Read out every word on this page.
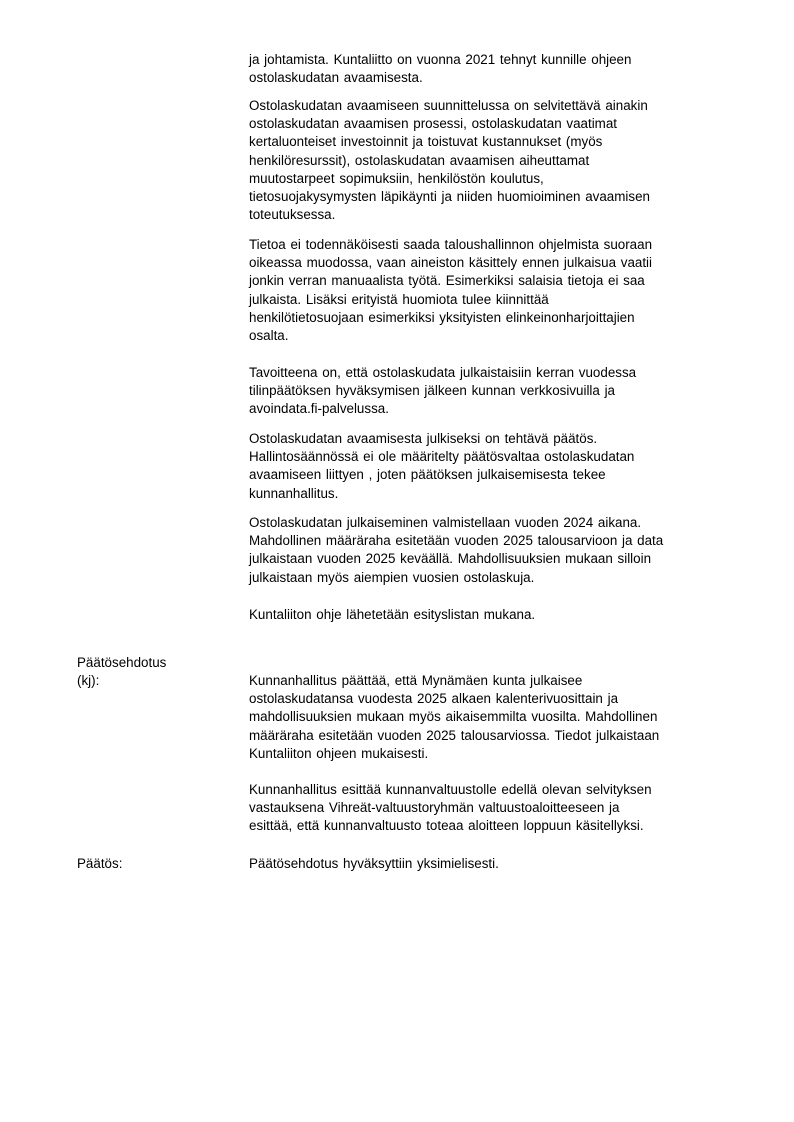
ja johtamista. Kuntaliitto on vuonna 2021 tehnyt kunnille ohjeen
ostolaskudatan avaamisesta.

Ostolaskudatan avaamiseen suunnittelussa on selvitettävä ainakin
ostolaskudatan avaamisen prosessi, ostolaskudatan vaatimat
kertaluonteiset investoinnit ja toistuvat kustannukset (myös
henkilöresurssit), ostolaskudatan avaamisen aiheuttamat
muutostarpeet sopimuksiin, henkilöstön koulutus,
tietosuojakysymysten läpikäynti ja niiden huomioiminen avaamisen
toteutuksessa.

Tietoa ei todennäköisesti saada taloushallinnon ohjelmista suoraan
oikeassa muodossa, vaan aineiston käsittely ennen julkaisua vaatii
jonkin verran manuaalista työtä. Esimerkiksi salaisia tietoja ei saa
julkaista. Lisäksi erityistä huomiota tulee kiinnittää
henkilötietosuojaan esimerkiksi yksityisten elinkeinonharjoittajien
osalta.

Tavoitteena on, että ostolaskudata julkaistaisiin kerran vuodessa
tilinpäätöksen hyväksymisen jälkeen kunnan verkkosivuilla ja
avoindata.fi-palvelussa.

Ostolaskudatan avaamisesta julkiseksi on tehtävä päätös.
Hallintosäännössä ei ole määritelty päätösvaltaa ostolaskudatan
avaamiseen liittyen , joten päätöksen julkaisemisesta tekee
kunnanhallitus.

Ostolaskudatan julkaiseminen valmistellaan vuoden 2024 aikana.
Mahdollinen määräraha esitetään vuoden 2025 talousarvioon ja data
julkaistaan vuoden 2025 keväällä. Mahdollisuuksien mukaan silloin
julkaistaan myös aiempien vuosien ostolaskuja.

Kuntaliiton ohje lähetetään esityslistan mukana.

Päätösehdotus
(kj):	Kunnanhallitus päättää, että Mynämäen kunta julkaisee
ostolaskudatansa vuodesta 2025 alkaen kalenterivuosittain ja
mahdollisuuksien mukaan myös aikaisemmilta vuosilta. Mahdollinen
määräraha esitetään vuoden 2025 talousarviossa. Tiedot julkaistaan
Kuntaliiton ohjeen mukaisesti.

Kunnanhallitus esittää kunnanvaltuustolle edellä olevan selvityksen
vastauksena Vihreät-valtuustoryhmän valtuustoaloitteeseen ja
esittää, että kunnanvaltuusto toteaa aloitteen loppuun käsitellyksi.

Päätös:	Päätösehdotus hyväksyttiin yksimielisesti.
